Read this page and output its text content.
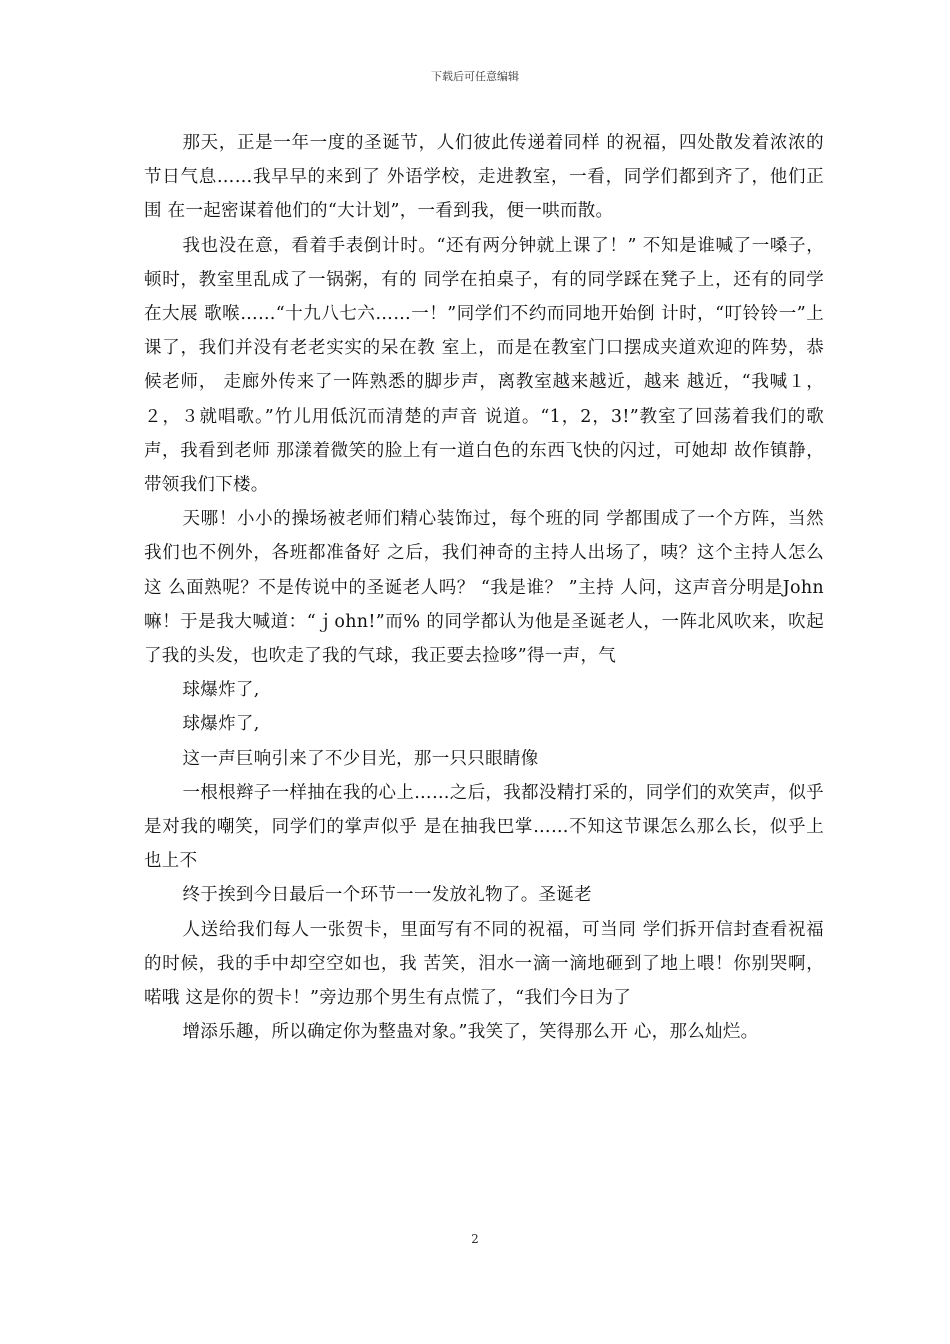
下载后可任意编辑

那天，正是一年一度的圣诞节，人们彼此传递着同样 的祝福，四处散发着浓浓的节日气息……我早早的来到了 外语学校，走进教室，一看，同学们都到齐了，他们正围 在一起密谋着他们的“大计划”，一看到我，便一哄而散。

我也没在意，看着手表倒计时。“还有两分钟就上课了！” 不知是谁喊了一嗓子，顿时，教室里乱成了一锅粥，有的 同学在拍桌子，有的同学踩在凳子上，还有的同学在大展 歌喉……“十九八七六……一！”同学们不约而同地开始倒 计时，“叮铃铃一”上课了，我们并没有老老实实的呆在教 室上，而是在教室门口摆成夹道欢迎的阵势，恭候老师， 走廊外传来了一阵熟悉的脚步声，离教室越来越近，越来 越近，“我喊１，２，３就唱歌。”竹儿用低沉而清楚的声音 说道。“1，2，3!”教室了回荡着我们的歌声，我看到老师 那漾着微笑的脸上有一道白色的东西飞快的闪过，可她却 故作镇静，带领我们下楼。

天哪！小小的操场被老师们精心装饰过，每个班的同 学都围成了一个方阵，当然我们也不例外，各班都准备好 之后，我们神奇的主持人出场了，咦？这个主持人怎么这 么面熟呢？不是传说中的圣诞老人吗？ “我是谁？ ”主持 人问，这声音分明是John嘛！于是我大喊道：“ｊohn!”而% 的同学都认为他是圣诞老人，一阵北风吹来，吹起了我的头发，也吹走了我的气球，我正要去捡哆”得一声，气

球爆炸了,

球爆炸了,

这一声巨响引来了不少目光，那一只只眼睛像

一根根辫子一样抽在我的心上……之后，我都没精打采的，同学们的欢笑声，似乎是对我的嘲笑，同学们的掌声似乎 是在抽我巴掌……不知这节课怎么那么长，似乎上也上不

终于挨到今日最后一个环节一一发放礼物了。圣诞老

人送给我们每人一张贺卡，里面写有不同的祝福，可当同 学们拆开信封查看祝福的时候，我的手中却空空如也，我 苦笑，泪水一滴一滴地砸到了地上喂！你别哭啊，喏哦 这是你的贺卡！”旁边那个男生有点慌了，“我们今日为了

增添乐趣，所以确定你为整蛊对象。”我笑了，笑得那么开 心，那么灿烂。

2
